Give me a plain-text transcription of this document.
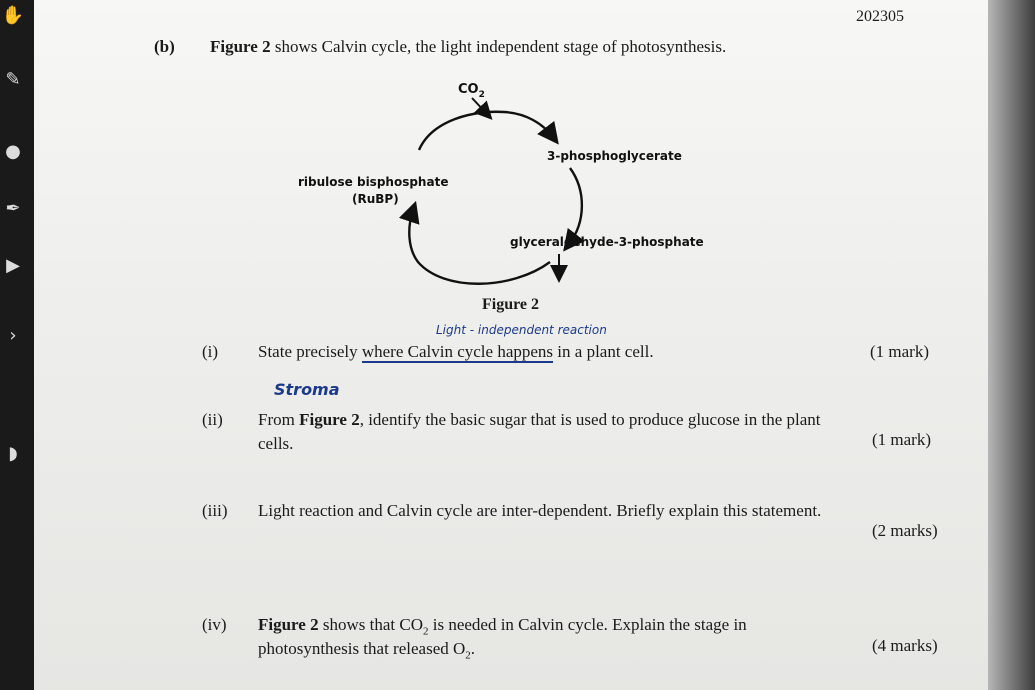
✋
✎
●
✒
▶
›
◗
202305
(b) Figure 2 shows Calvin cycle, the light independent stage of photosynthesis.
$CO_2$
3-phosphoglycerate
ribulose bisphosphate
(RuBP)
glyceraldehyde-3-phosphate
Figure 2
Light - independent reaction
(i) State precisely where Calvin cycle happens in a plant cell.	(1 mark)
Stroma
(ii) From Figure 2, identify the basic sugar that is used to produce glucose in the plant
cells.	(1 mark)
(iii) Light reaction and Calvin cycle are inter-dependent. Briefly explain this statement.
(2 marks)
(iv) Figure 2 shows that $CO_2$ is needed in Calvin cycle. Explain the stage in
photosynthesis that released $O_2$.	(4 marks)
